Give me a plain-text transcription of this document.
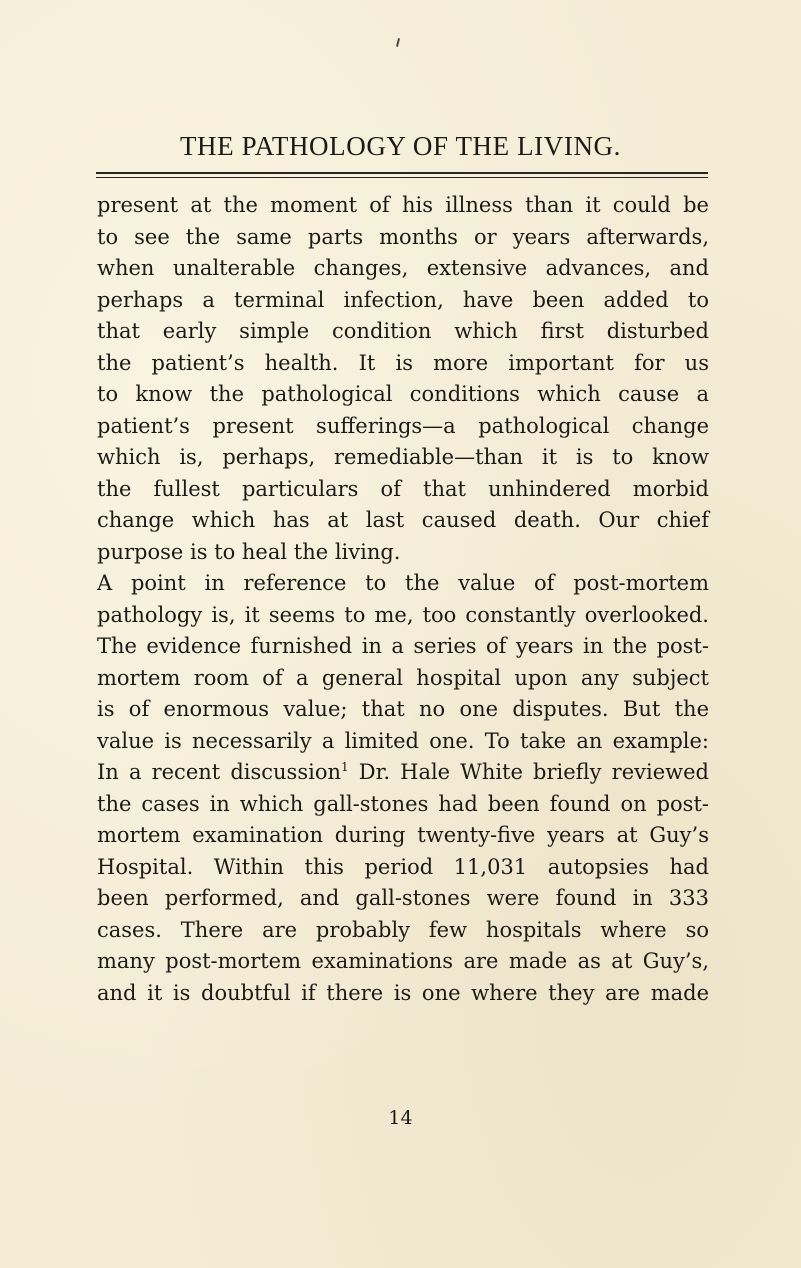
THE PATHOLOGY OF THE LIVING.
present at the moment of his illness than it could be
to see the same parts months or years afterwards,
when unalterable changes, extensive advances, and
perhaps a terminal infection, have been added to
that early simple condition which first disturbed
the patient’s health. It is more important for us
to know the pathological conditions which cause a
patient’s present sufferings—a pathological change
which is, perhaps, remediable—than it is to know
the fullest particulars of that unhindered morbid
change which has at last caused death. Our chief
purpose is to heal the living.
A point in reference to the value of post-mortem
pathology is, it seems to me, too constantly overlooked.
The evidence furnished in a series of years in the post-
mortem room of a general hospital upon any subject
is of enormous value; that no one disputes. But the
value is necessarily a limited one. To take an example:
In a recent discussion$^1$ Dr. Hale White briefly reviewed
the cases in which gall-stones had been found on post-
mortem examination during twenty-five years at Guy’s
Hospital. Within this period 11,031 autopsies had
been performed, and gall-stones were found in 333
cases. There are probably few hospitals where so
many post-mortem examinations are made as at Guy’s,
and it is doubtful if there is one where they are made
14
